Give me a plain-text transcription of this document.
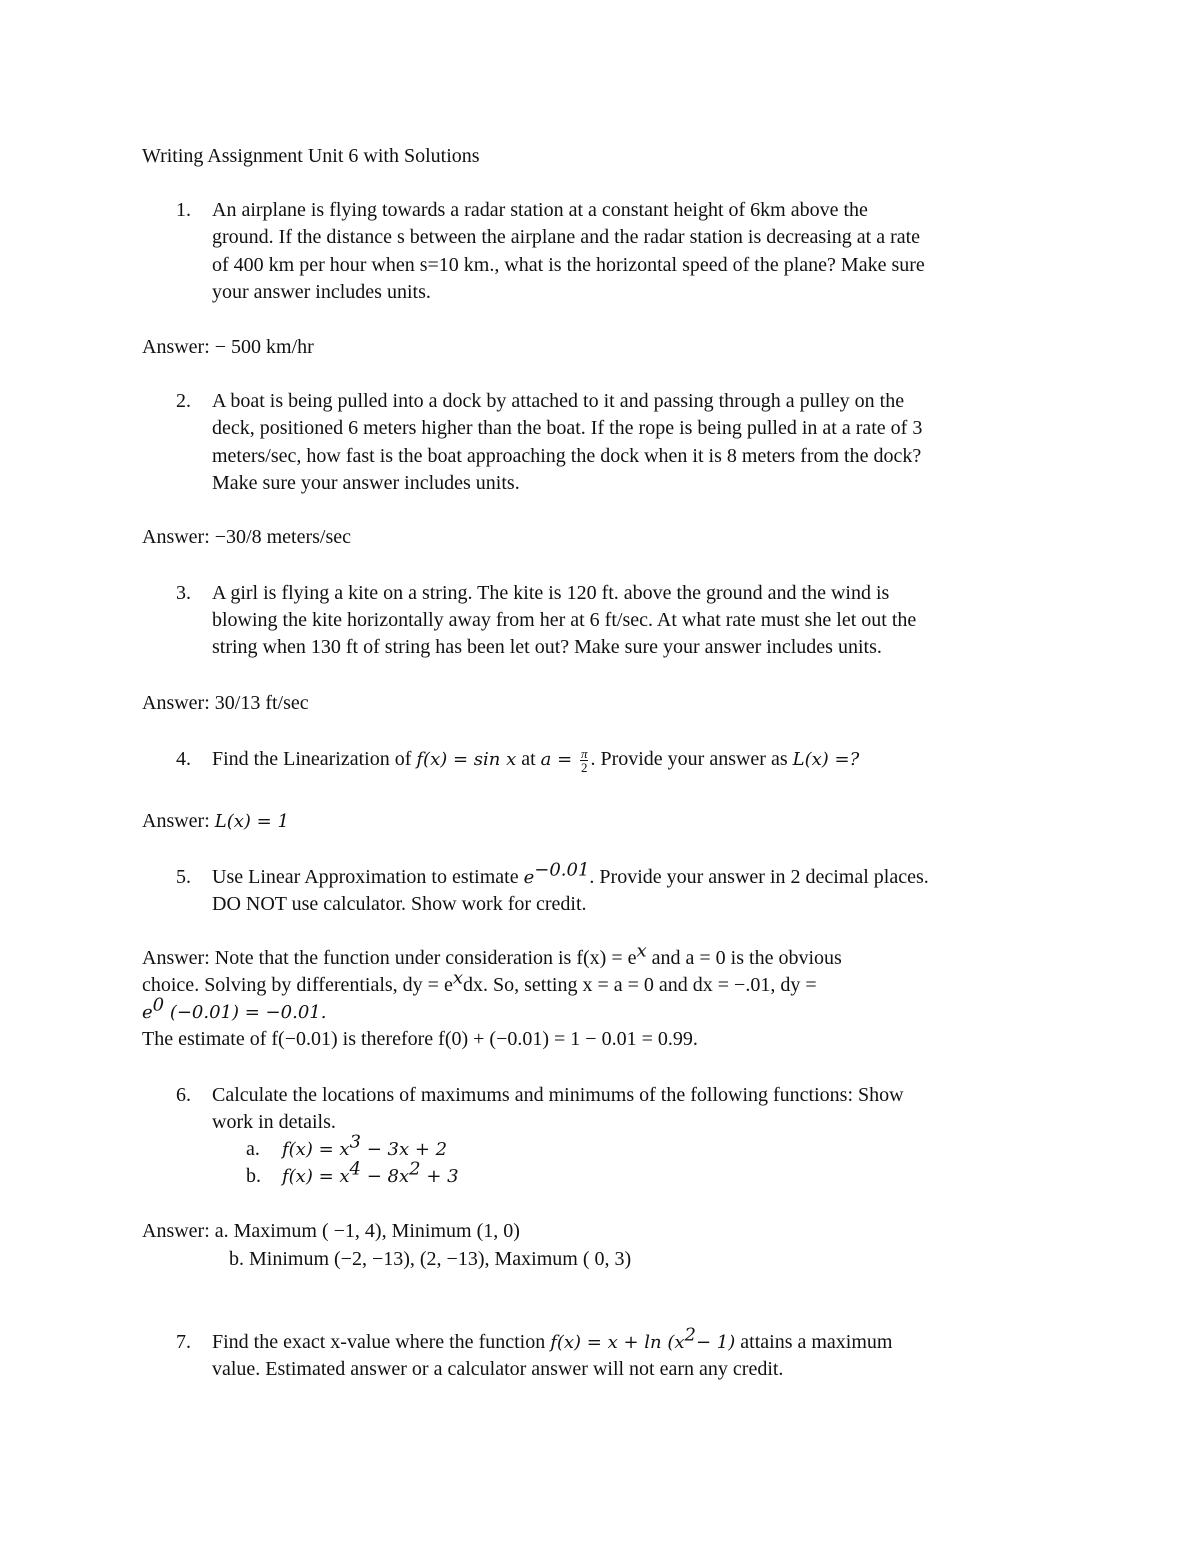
Writing Assignment Unit 6 with Solutions
1. An airplane is flying towards a radar station at a constant height of 6km above the
ground. If the distance s between the airplane and the radar station is decreasing at a rate
of 400 km per hour when s=10 km., what is the horizontal speed of the plane? Make sure
your answer includes units.
Answer: − 500 km/hr
2. A boat is being pulled into a dock by attached to it and passing through a pulley on the
deck, positioned 6 meters higher than the boat. If the rope is being pulled in at a rate of 3
meters/sec, how fast is the boat approaching the dock when it is 8 meters from the dock?
Make sure your answer includes units.
Answer: −30/8 meters/sec
3. A girl is flying a kite on a string. The kite is 120 ft. above the ground and the wind is
blowing the kite horizontally away from her at 6 ft/sec. At what rate must she let out the
string when 130 ft of string has been let out? Make sure your answer includes units.
Answer: 30/13 ft/sec
4. Find the Linearization of f(x) = sin x at $a = \frac{\pi}{2}$ . Provide your answer as L(x) =?
Answer: L(x) = 1
5. Use Linear Approximation to estimate $e^{-0.01}$. Provide your answer in 2 decimal places.
DO NOT use calculator. Show work for credit.
Answer: Note that the function under consideration is $f(x) = e^x$ and a = 0 is the obvious
choice. Solving by differentials, dy = $e^xdx$. So, setting x = a = 0 and dx = −.01, dy =
$e^0$ (−0.01) = −0.01.
The estimate of f(−0.01) is therefore f(0) + (−0.01) = 1 − 0.01 = 0.99.
6. Calculate the locations of maximums and minimums of the following functions: Show
work in details.
a. $f(x) = x^3 - 3x + 2$
b. $f(x) = x^4 - 8x^2 + 3$
Answer: a. Maximum ( −1, 4), Minimum (1, 0)
b. Minimum (−2, −13), (2, −13), Maximum ( 0, 3)
7. Find the exact x-value where the function $f(x) = x + \ln (x^2- 1)$ attains a maximum
value. Estimated answer or a calculator answer will not earn any credit.
